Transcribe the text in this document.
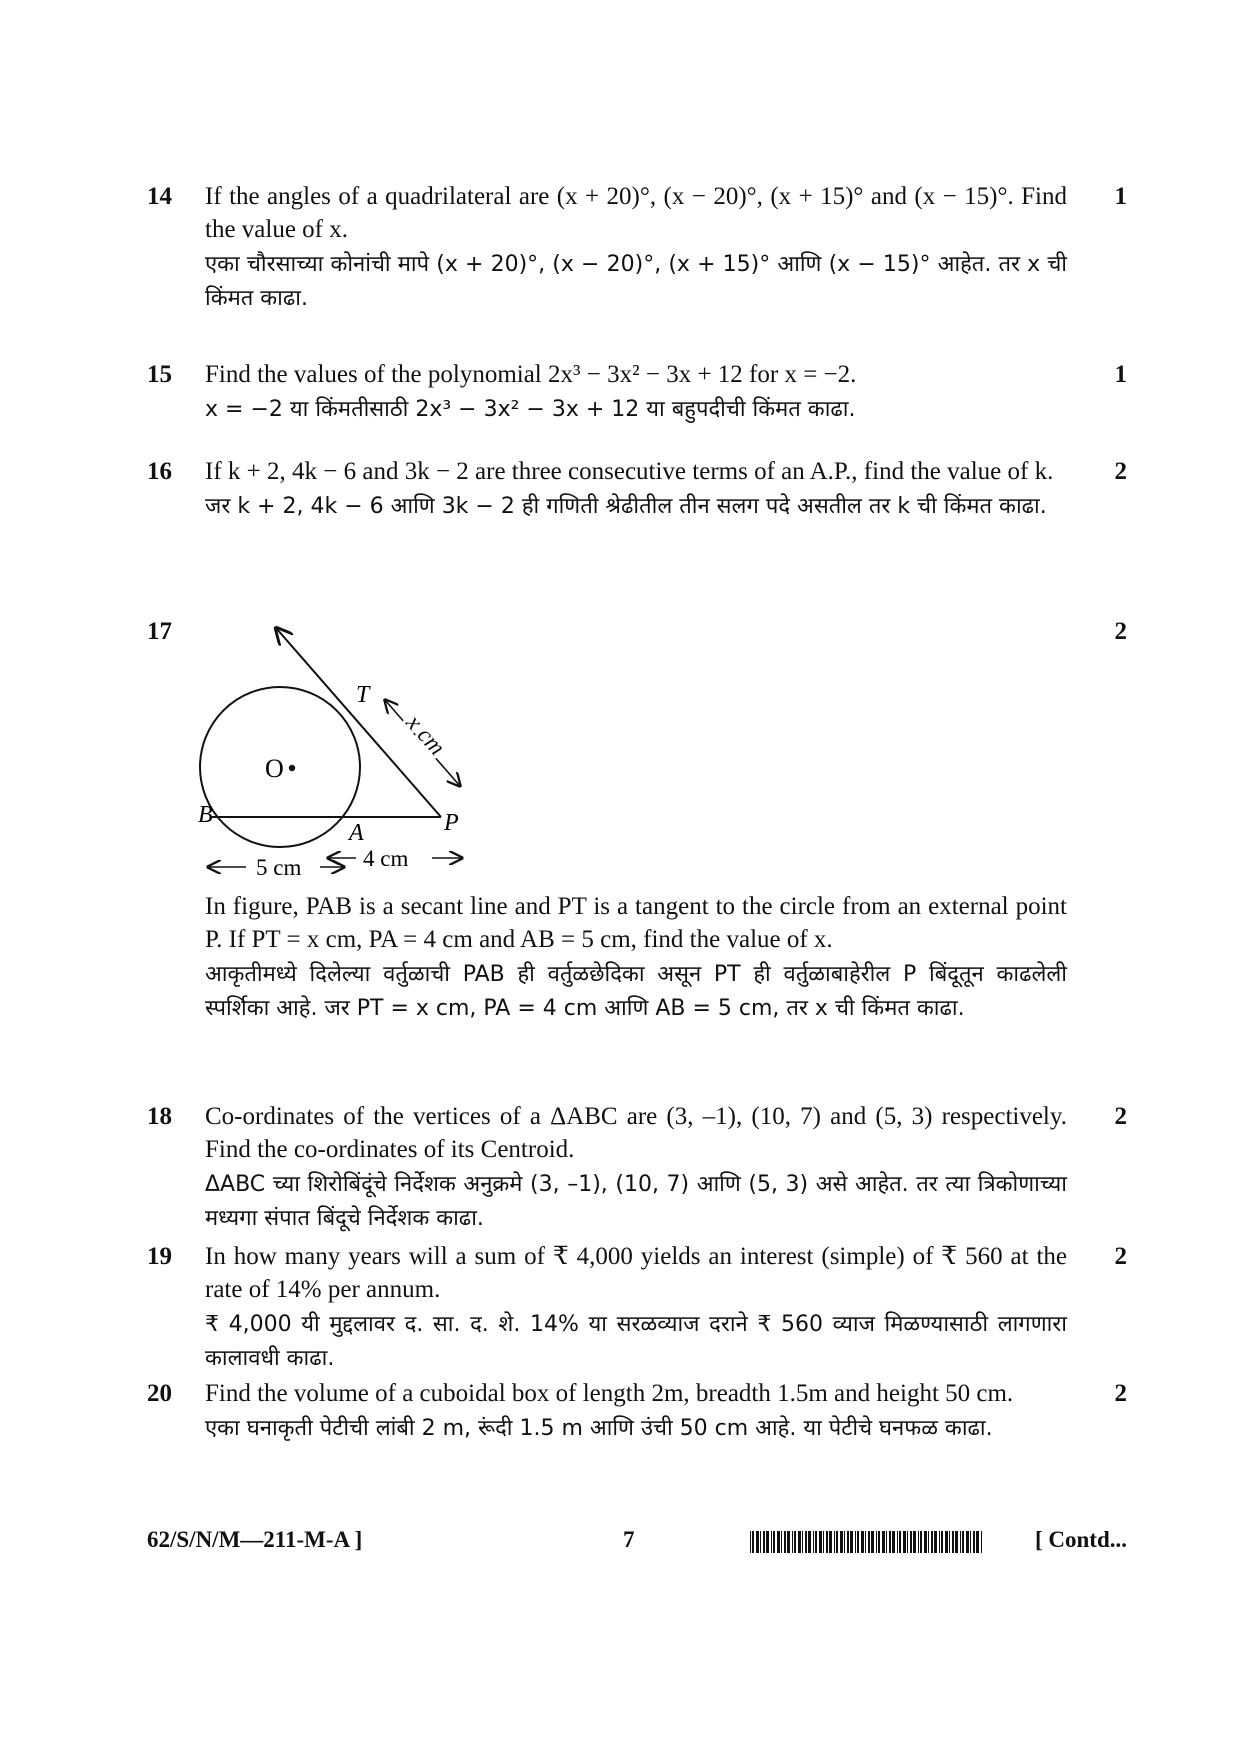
14	If the angles of a quadrilateral are (x + 20)°, (x − 20)°, (x + 15)° and (x − 15)°. Find the value of x.
एका चौरसाच्या कोनांची मापे (x + 20)°, (x − 20)°, (x + 15)° आणि (x − 15)° आहेत. तर x ची किंमत काढा.
1
15	Find the values of the polynomial 2x³ − 3x² − 3x + 12 for x = −2.
x = −2 या किंमतीसाठी 2x³ − 3x² − 3x + 12 या बहुपदीची किंमत काढा.
1
16	If k + 2, 4k − 6 and 3k − 2 are three consecutive terms of an A.P., find the value of k.
जर k + 2, 4k − 6 आणि 3k − 2 ही गणिती श्रेढीतील तीन सलग पदे असतील तर k ची किंमत काढा.
2
17	2
O
T
B
A	P
x cm
5 cm	4 cm
In figure, PAB is a secant line and PT is a tangent to the circle from an external point P. If PT = x cm, PA = 4 cm and AB = 5 cm, find the value of x.
आकृतीमध्ये दिलेल्या वर्तुळाची PAB ही वर्तुळछेदिका असून PT ही वर्तुळाबाहेरील P बिंदूतून काढलेली स्पर्शिका आहे. जर PT = x cm, PA = 4 cm आणि AB = 5 cm, तर x ची किंमत काढा.
18	Co-ordinates of the vertices of a ΔABC are (3, –1), (10, 7) and (5, 3) respectively. Find the co-ordinates of its Centroid.
ΔABC च्या शिरोबिंदूंचे निर्देशक अनुक्रमे (3, –1), (10, 7) आणि (5, 3) असे आहेत. तर त्या त्रिकोणाच्या मध्यगा संपात बिंदूचे निर्देशक काढा.
2
19	In how many years will a sum of ₹ 4,000 yields an interest (simple) of ₹ 560 at the rate of 14% per annum.
₹ 4,000 यी मुद्दलावर द. सा. द. शे. 14% या सरळव्याज दराने ₹ 560 व्याज मिळण्यासाठी लागणारा कालावधी काढा.
2
20	Find the volume of a cuboidal box of length 2m, breadth 1.5m and height 50 cm.
एका घनाकृती पेटीची लांबी 2 m, रूंदी 1.5 m आणि उंची 50 cm आहे. या पेटीचे घनफळ काढा.
2
62/S/N/M—211-M-A ]	7	[ Contd...
